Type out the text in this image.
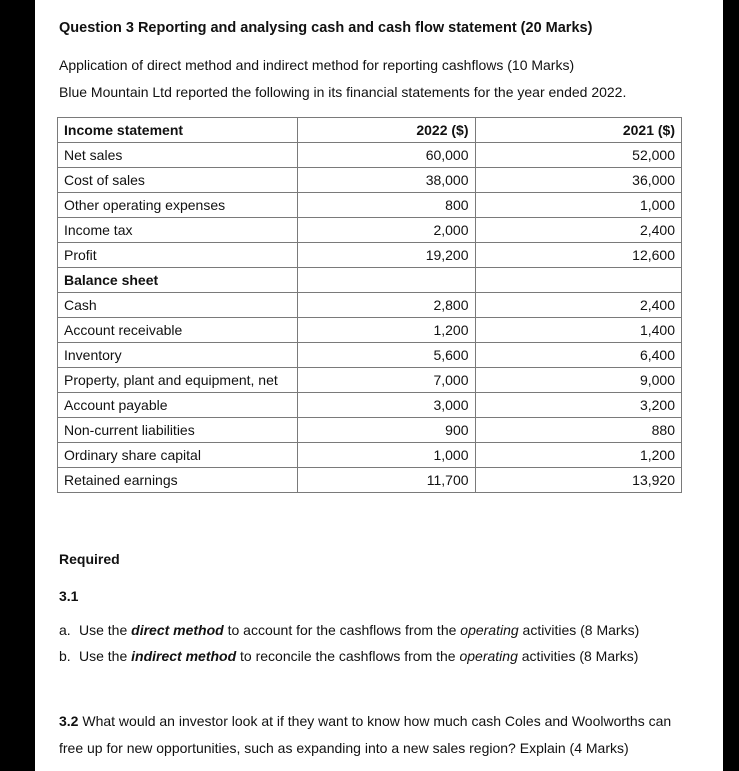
Question 3 Reporting and analysing cash and cash flow statement (20 Marks)

Application of direct method and indirect method for reporting cashflows (10 Marks)

Blue Mountain Ltd reported the following in its financial statements for the year ended 2022.

Income statement	2022 ($)	2021 ($)
Net sales	60,000	52,000
Cost of sales	38,000	36,000
Other operating expenses	800	1,000
Income tax	2,000	2,400
Profit	19,200	12,600
Balance sheet		
Cash	2,800	2,400
Account receivable	1,200	1,400
Inventory	5,600	6,400
Property, plant and equipment, net	7,000	9,000
Account payable	3,000	3,200
Non-current liabilities	900	880
Ordinary share capital	1,000	1,200
Retained earnings	11,700	13,920

Required

3.1

a. Use the direct method to account for the cashflows from the operating activities (8 Marks)

b. Use the indirect method to reconcile the cashflows from the operating activities (8 Marks)

3.2 What would an investor look at if they want to know how much cash Coles and Woolworths can free up for new opportunities, such as expanding into a new sales region? Explain (4 Marks)
